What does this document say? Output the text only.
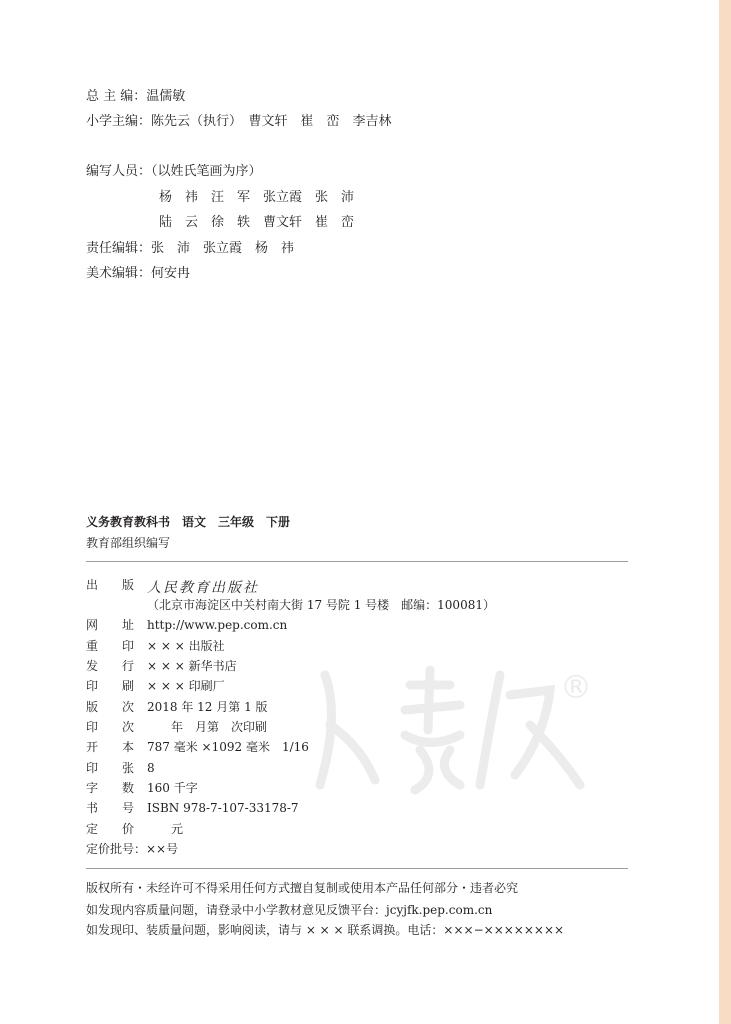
总 主 编：温儒敏
小学主编：陈先云（执行）　曹文轩　崔　峦　李吉林
编写人员：（以姓氏笔画为序）
杨　祎　汪　军　张立霞　张　沛
陆　云　徐　轶　曹文轩　崔　峦
责任编辑：张　沛　张立霞　杨　祎
美术编辑：何安冉
义务教育教科书　语文　三年级　下册
教育部组织编写
®
人民教育出版社
出　　版
（北京市海淀区中关村南大街 17 号院 1 号楼　邮编：100081）
网　　址 http://www.pep.com.cn
重　　印 × × × 出版社
发　　行 × × × 新华书店
印　　刷 × × × 印刷厂
版　　次 2018 年 12 月第 1 版
印　　次 　　年　月第　次印刷
开　　本 787 毫米 ×1092 毫米　1/16
印　　张 8
字　　数 160 千字
书　　号 ISBN 978-7-107-33178-7
定　　价 　　元
定价批号： ××号
版权所有・未经许可不得采用任何方式擅自复制或使用本产品任何部分・违者必究
如发现内容质量问题，请登录中小学教材意见反馈平台：jcyjfk.pep.com.cn
如发现印、装质量问题，影响阅读，请与 × × × 联系调换。电话：×××−××××××××
